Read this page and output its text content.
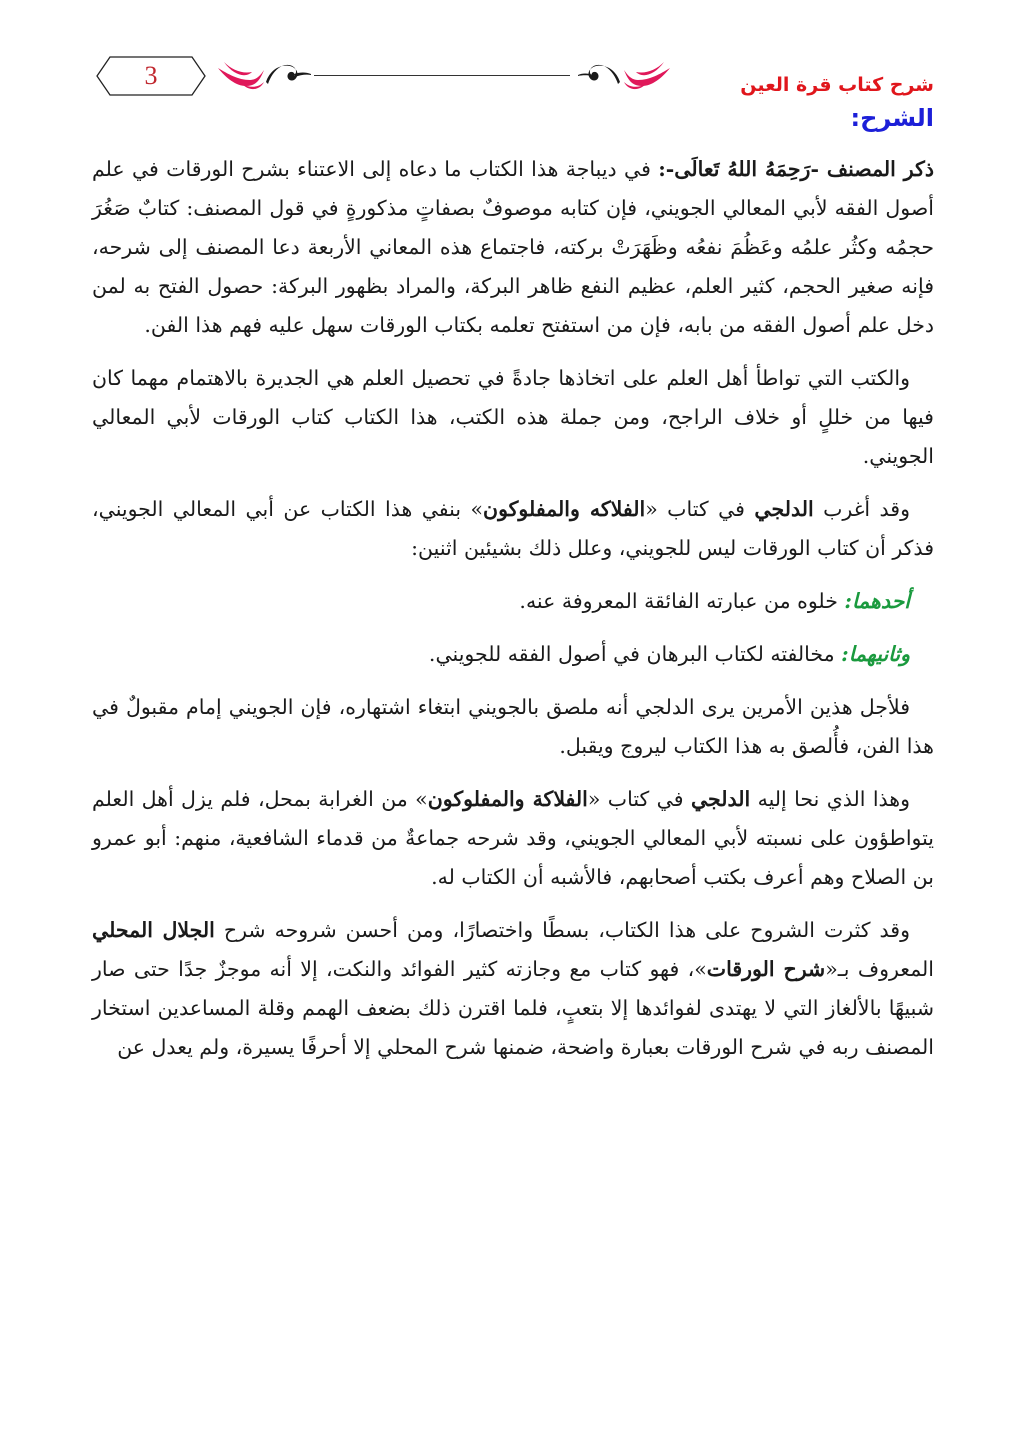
3	شرح كتاب قرة العين
الشرح:

ذكر المصنف -رَحِمَهُ اللهُ تَعالَى-: في ديباجة هذا الكتاب ما دعاه إلى الاعتناء بشرح الورقات في علم أصول الفقه لأبي المعالي الجويني، فإن كتابه موصوفٌ بصفاتٍ مذكورةٍ في قول المصنف: كتابٌ صَغُرَ حجمُه وكثُر علمُه وعَظُمَ نفعُه وظَهَرَتْ بركته، فاجتماع هذه المعاني الأربعة دعا المصنف إلى شرحه، فإنه صغير الحجم، كثير العلم، عظيم النفع ظاهر البركة، والمراد بظهور البركة: حصول الفتح به لمن دخل علم أصول الفقه من بابه، فإن من استفتح تعلمه بكتاب الورقات سهل عليه فهم هذا الفن.

والكتب التي تواطأ أهل العلم على اتخاذها جادةً في تحصيل العلم هي الجديرة بالاهتمام مهما كان فيها من خللٍ أو خلاف الراجح، ومن جملة هذه الكتب، هذا الكتاب كتاب الورقات لأبي المعالي الجويني.

وقد أغرب الدلجي في كتاب «الفلاكه والمفلوكون» بنفي هذا الكتاب عن أبي المعالي الجويني، فذكر أن كتاب الورقات ليس للجويني، وعلل ذلك بشيئين اثنين:

أحدهما: خلوه من عبارته الفائقة المعروفة عنه.

وثانيهما: مخالفته لكتاب البرهان في أصول الفقه للجويني.

فلأجل هذين الأمرين يرى الدلجي أنه ملصق بالجويني ابتغاء اشتهاره، فإن الجويني إمام مقبولٌ في هذا الفن، فأُلصق به هذا الكتاب ليروج ويقبل.

وهذا الذي نحا إليه الدلجي في كتاب «الفلاكة والمفلوكون» من الغرابة بمحل، فلم يزل أهل العلم يتواطؤون على نسبته لأبي المعالي الجويني، وقد شرحه جماعةٌ من قدماء الشافعية، منهم: أبو عمرو بن الصلاح وهم أعرف بكتب أصحابهم، فالأشبه أن الكتاب له.

وقد كثرت الشروح على هذا الكتاب، بسطًا واختصارًا، ومن أحسن شروحه شرح الجلال المحلي المعروف بـ«شرح الورقات»، فهو كتاب مع وجازته كثير الفوائد والنكت، إلا أنه موجزٌ جدًا حتى صار شبيهًا بالألغاز التي لا يهتدى لفوائدها إلا بتعبٍ، فلما اقترن ذلك بضعف الهمم وقلة المساعدين استخار المصنف ربه في شرح الورقات بعبارة واضحة، ضمنها شرح المحلي إلا أحرفًا يسيرة، ولم يعدل عن
